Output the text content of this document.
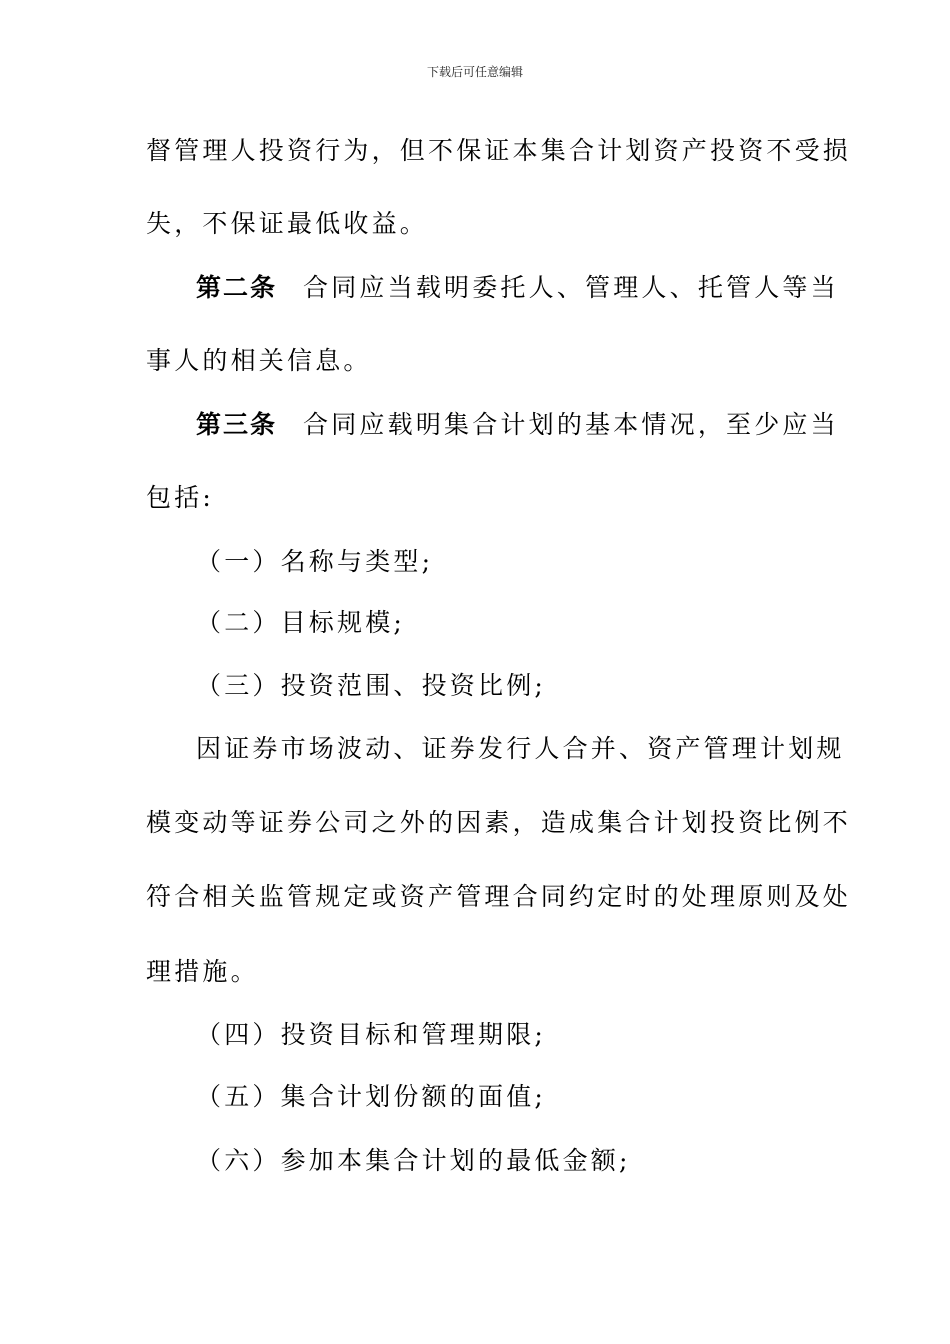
下载后可任意编辑
督管理人投资行为，但不保证本集合计划资产投资不受损
失，不保证最低收益。
第二条 合同应当载明委托人、管理人、托管人等当
事人的相关信息。
第三条 合同应载明集合计划的基本情况，至少应当
包括:
（一）名称与类型;
（二）目标规模;
（三）投资范围、投资比例;
因证券市场波动、证券发行人合并、资产管理计划规
模变动等证券公司之外的因素，造成集合计划投资比例不
符合相关监管规定或资产管理合同约定时的处理原则及处
理措施。
（四）投资目标和管理期限;
（五）集合计划份额的面值;
（六）参加本集合计划的最低金额;
